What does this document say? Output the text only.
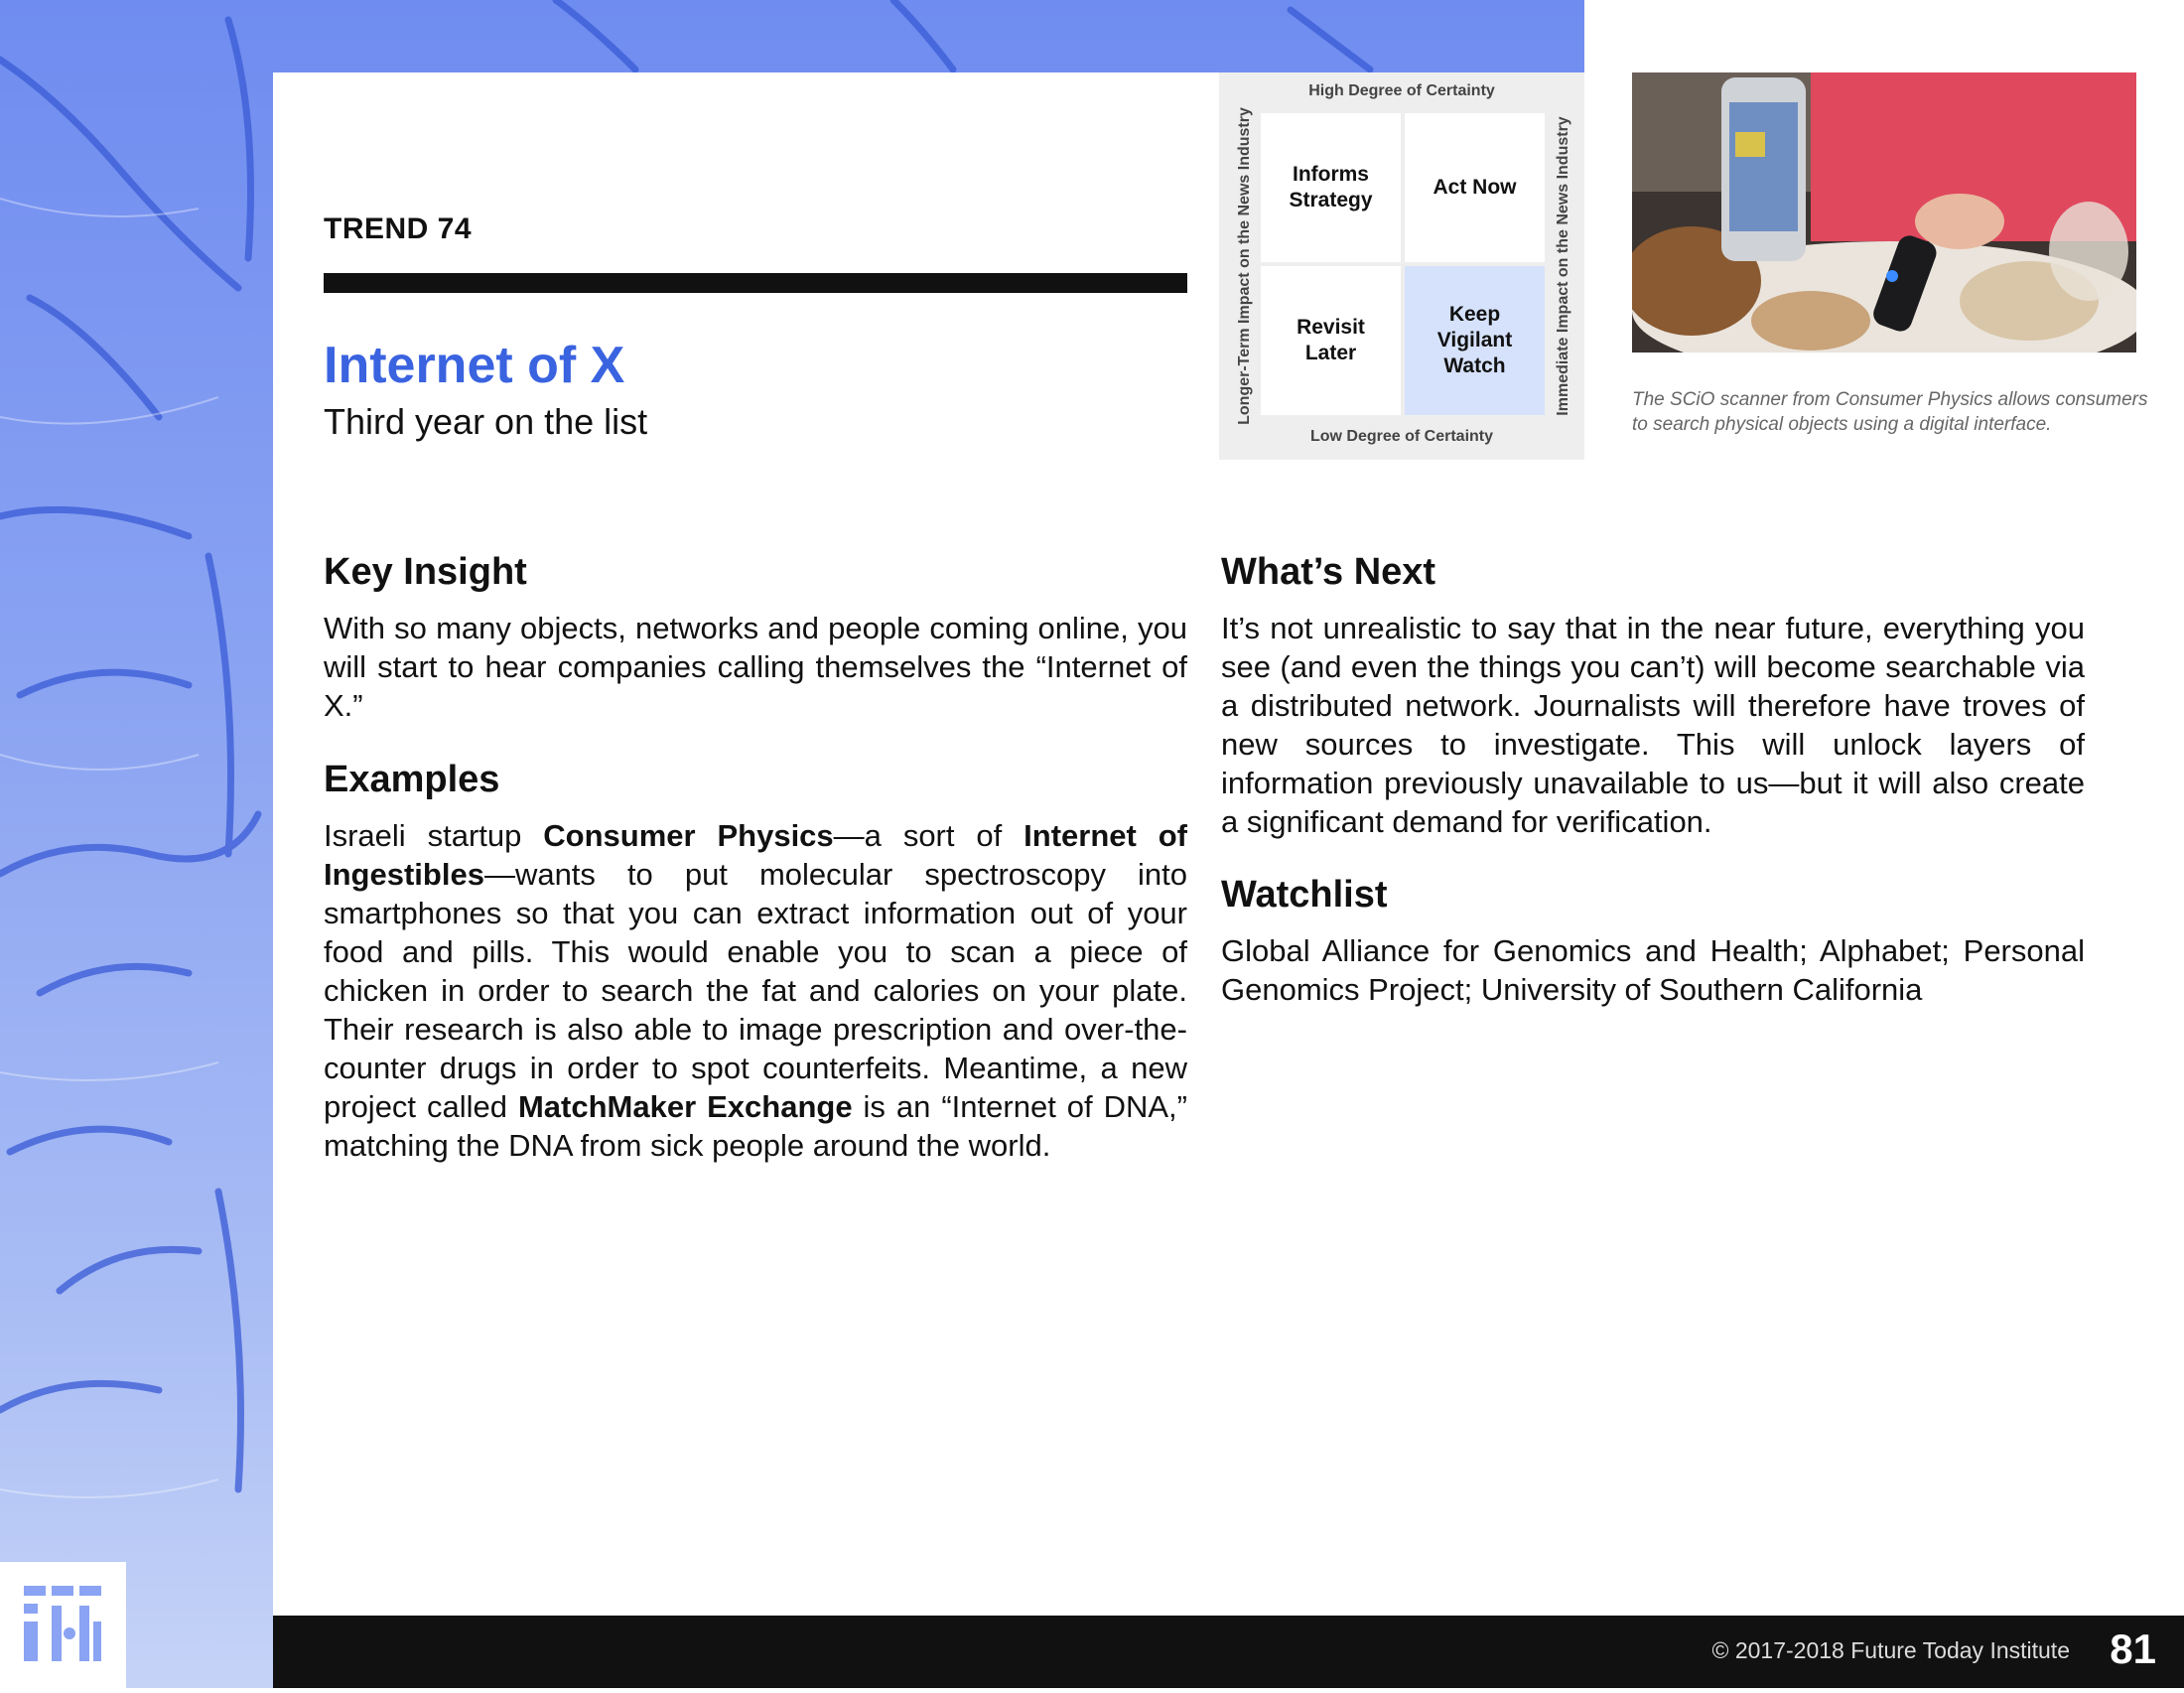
TREND 74
Internet of X
Third year on the list
High Degree of Certainty
Low Degree of Certainty
Longer-Term Impact on the News Industry	Immediate Impact on the News Industry
Informs Strategy
Act Now
Revisit Later
Keep Vigilant Watch
The SCiO scanner from Consumer Physics allows consumers to search physical objects using a digital interface.
Key Insight
With so many objects, networks and people coming online, you will start to hear companies calling themselves the “Internet of X.”
Examples
Israeli startup Consumer Physics—a sort of Internet of Ingestibles—wants to put molecular spectroscopy into smartphones so that you can extract information out of your food and pills. This would enable you to scan a piece of chicken in order to search the fat and calories on your plate. Their research is also able to image prescription and over-the-counter drugs in order to spot counterfeits. Meantime, a new project called MatchMaker Exchange is an “Internet of DNA,” matching the DNA from sick people around the world.
What’s Next
It’s not unrealistic to say that in the near future, everything you see (and even the things you can’t) will become searchable via a distributed network. Journalists will therefore have troves of new sources to investigate. This will unlock layers of information previously unavailable to us—but it will also create a significant demand for verification.
Watchlist
Global Alliance for Genomics and Health; Alphabet; Personal Genomics Project; University of Southern California
© 2017-2018 Future Today Institute 81
